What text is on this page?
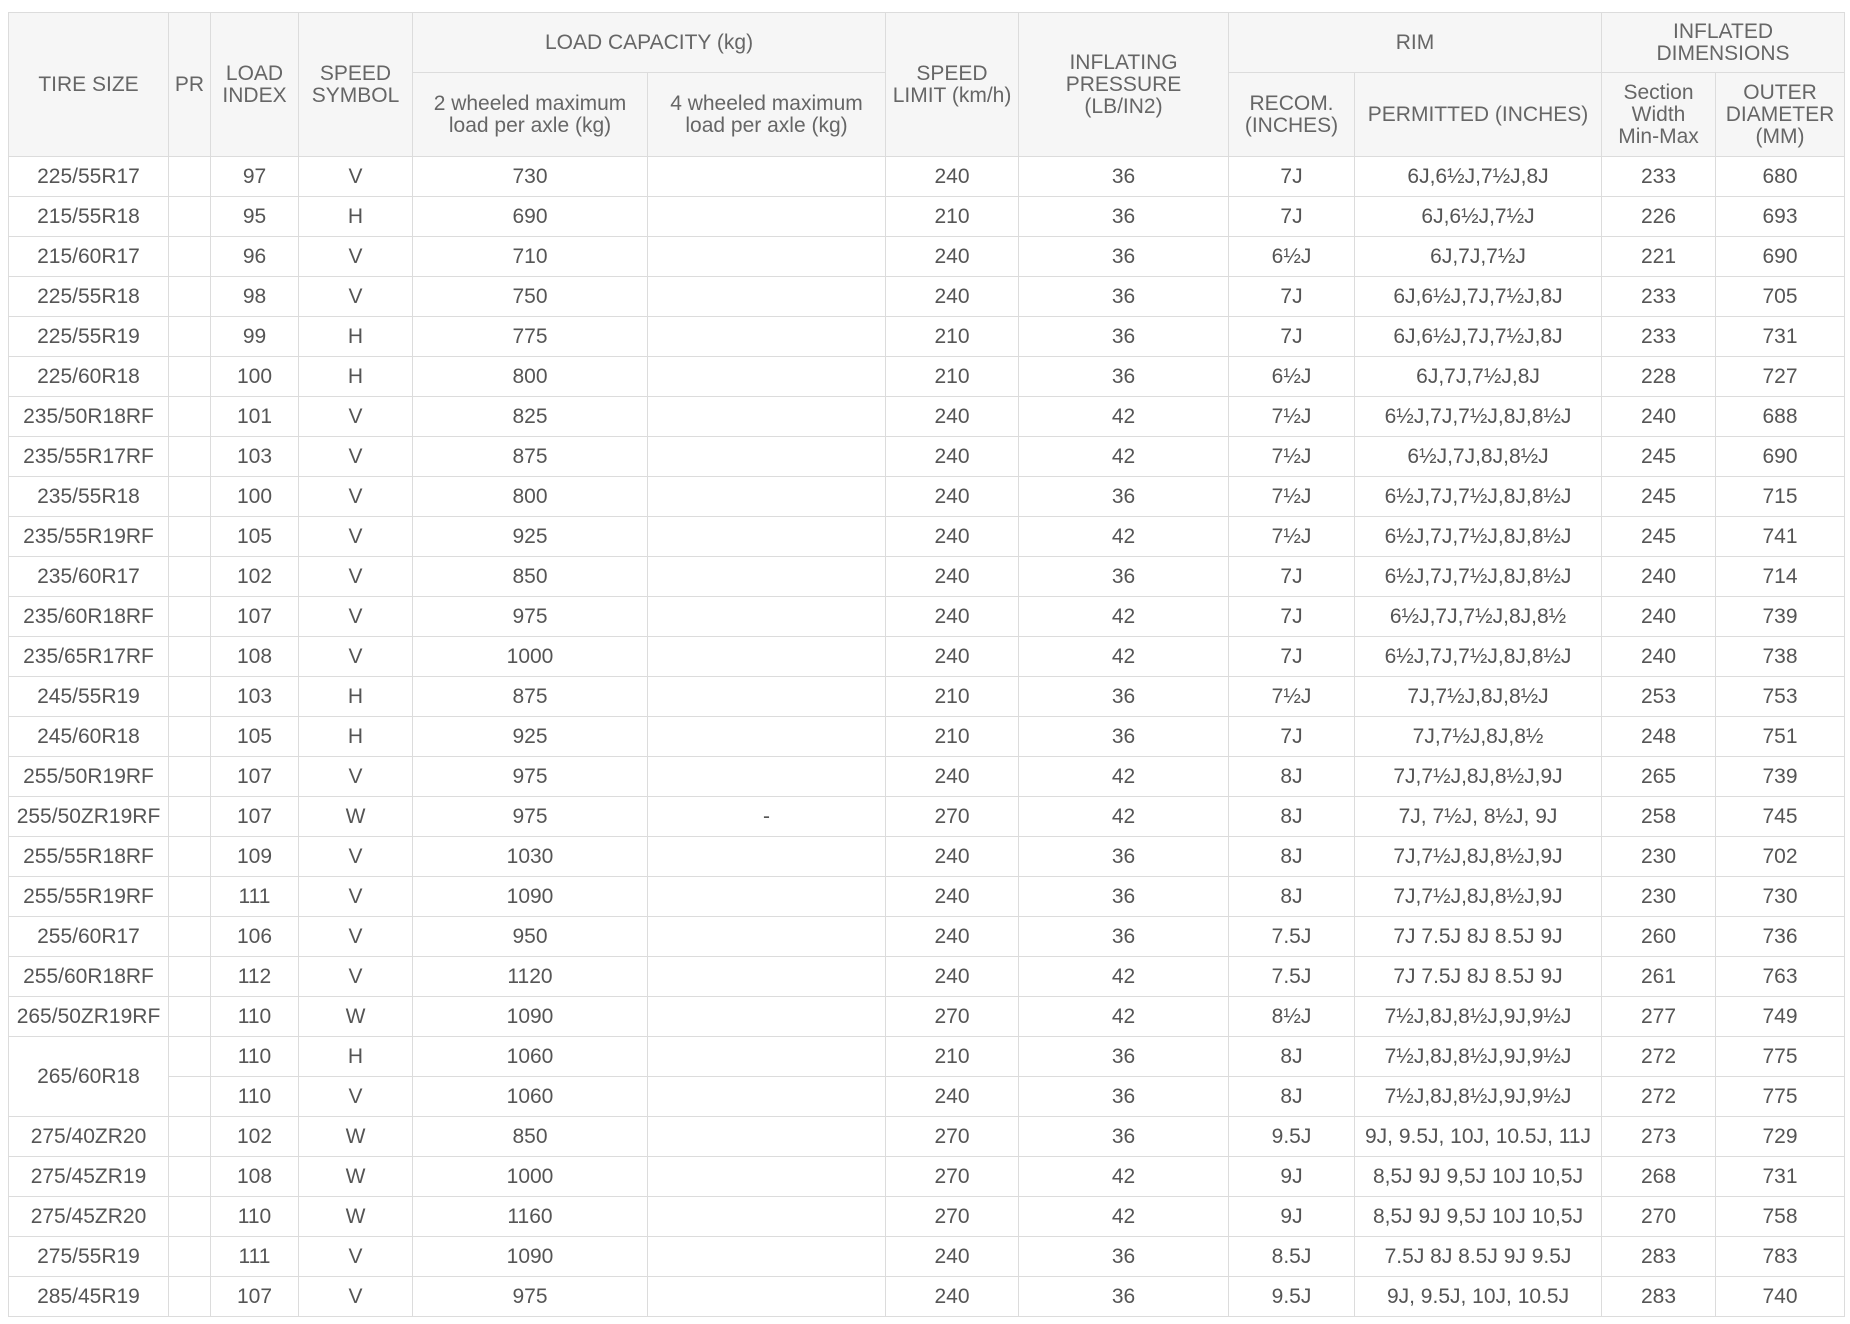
TIRE SIZE	PR	LOAD INDEX	SPEED SYMBOL	LOAD CAPACITY (kg)		SPEED LIMIT (km/h)	INFLATING PRESSURE (LB/IN2)	RIM		INFLATED DIMENSIONS	
				2 wheeled maximum load per axle (kg)	4 wheeled maximum load per axle (kg)			RECOM. (INCHES)	PERMITTED (INCHES)	Section Width Min-Max	OUTER DIAMETER (MM)
225/55R17		97	V	730		240	36	7J	6J,6½J,7½J,8J	233	680
215/55R18		95	H	690		210	36	7J	6J,6½J,7½J	226	693
215/60R17		96	V	710		240	36	6½J	6J,7J,7½J	221	690
225/55R18		98	V	750		240	36	7J	6J,6½J,7J,7½J,8J	233	705
225/55R19		99	H	775		210	36	7J	6J,6½J,7J,7½J,8J	233	731
225/60R18		100	H	800		210	36	6½J	6J,7J,7½J,8J	228	727
235/50R18RF		101	V	825		240	42	7½J	6½J,7J,7½J,8J,8½J	240	688
235/55R17RF		103	V	875		240	42	7½J	6½J,7J,8J,8½J	245	690
235/55R18		100	V	800		240	36	7½J	6½J,7J,7½J,8J,8½J	245	715
235/55R19RF		105	V	925		240	42	7½J	6½J,7J,7½J,8J,8½J	245	741
235/60R17		102	V	850		240	36	7J	6½J,7J,7½J,8J,8½J	240	714
235/60R18RF		107	V	975		240	42	7J	6½J,7J,7½J,8J,8½	240	739
235/65R17RF		108	V	1000		240	42	7J	6½J,7J,7½J,8J,8½J	240	738
245/55R19		103	H	875		210	36	7½J	7J,7½J,8J,8½J	253	753
245/60R18		105	H	925		210	36	7J	7J,7½J,8J,8½	248	751
255/50R19RF		107	V	975		240	42	8J	7J,7½J,8J,8½J,9J	265	739
255/50ZR19RF		107	W	975	-	270	42	8J	7J, 7½J, 8½J, 9J	258	745
255/55R18RF		109	V	1030		240	36	8J	7J,7½J,8J,8½J,9J	230	702
255/55R19RF		111	V	1090		240	36	8J	7J,7½J,8J,8½J,9J	230	730
255/60R17		106	V	950		240	36	7.5J	7J 7.5J 8J 8.5J 9J	260	736
255/60R18RF		112	V	1120		240	42	7.5J	7J 7.5J 8J 8.5J 9J	261	763
265/50ZR19RF		110	W	1090		270	42	8½J	7½J,8J,8½J,9J,9½J	277	749
265/60R18		110	H	1060		210	36	8J	7½J,8J,8½J,9J,9½J	272	775
		110	V	1060		240	36	8J	7½J,8J,8½J,9J,9½J	272	775
275/40ZR20		102	W	850		270	36	9.5J	9J, 9.5J, 10J, 10.5J, 11J	273	729
275/45ZR19		108	W	1000		270	42	9J	8,5J 9J 9,5J 10J 10,5J	268	731
275/45ZR20		110	W	1160		270	42	9J	8,5J 9J 9,5J 10J 10,5J	270	758
275/55R19		111	V	1090		240	36	8.5J	7.5J 8J 8.5J 9J 9.5J	283	783
285/45R19		107	V	975		240	36	9.5J	9J, 9.5J, 10J, 10.5J	283	740
